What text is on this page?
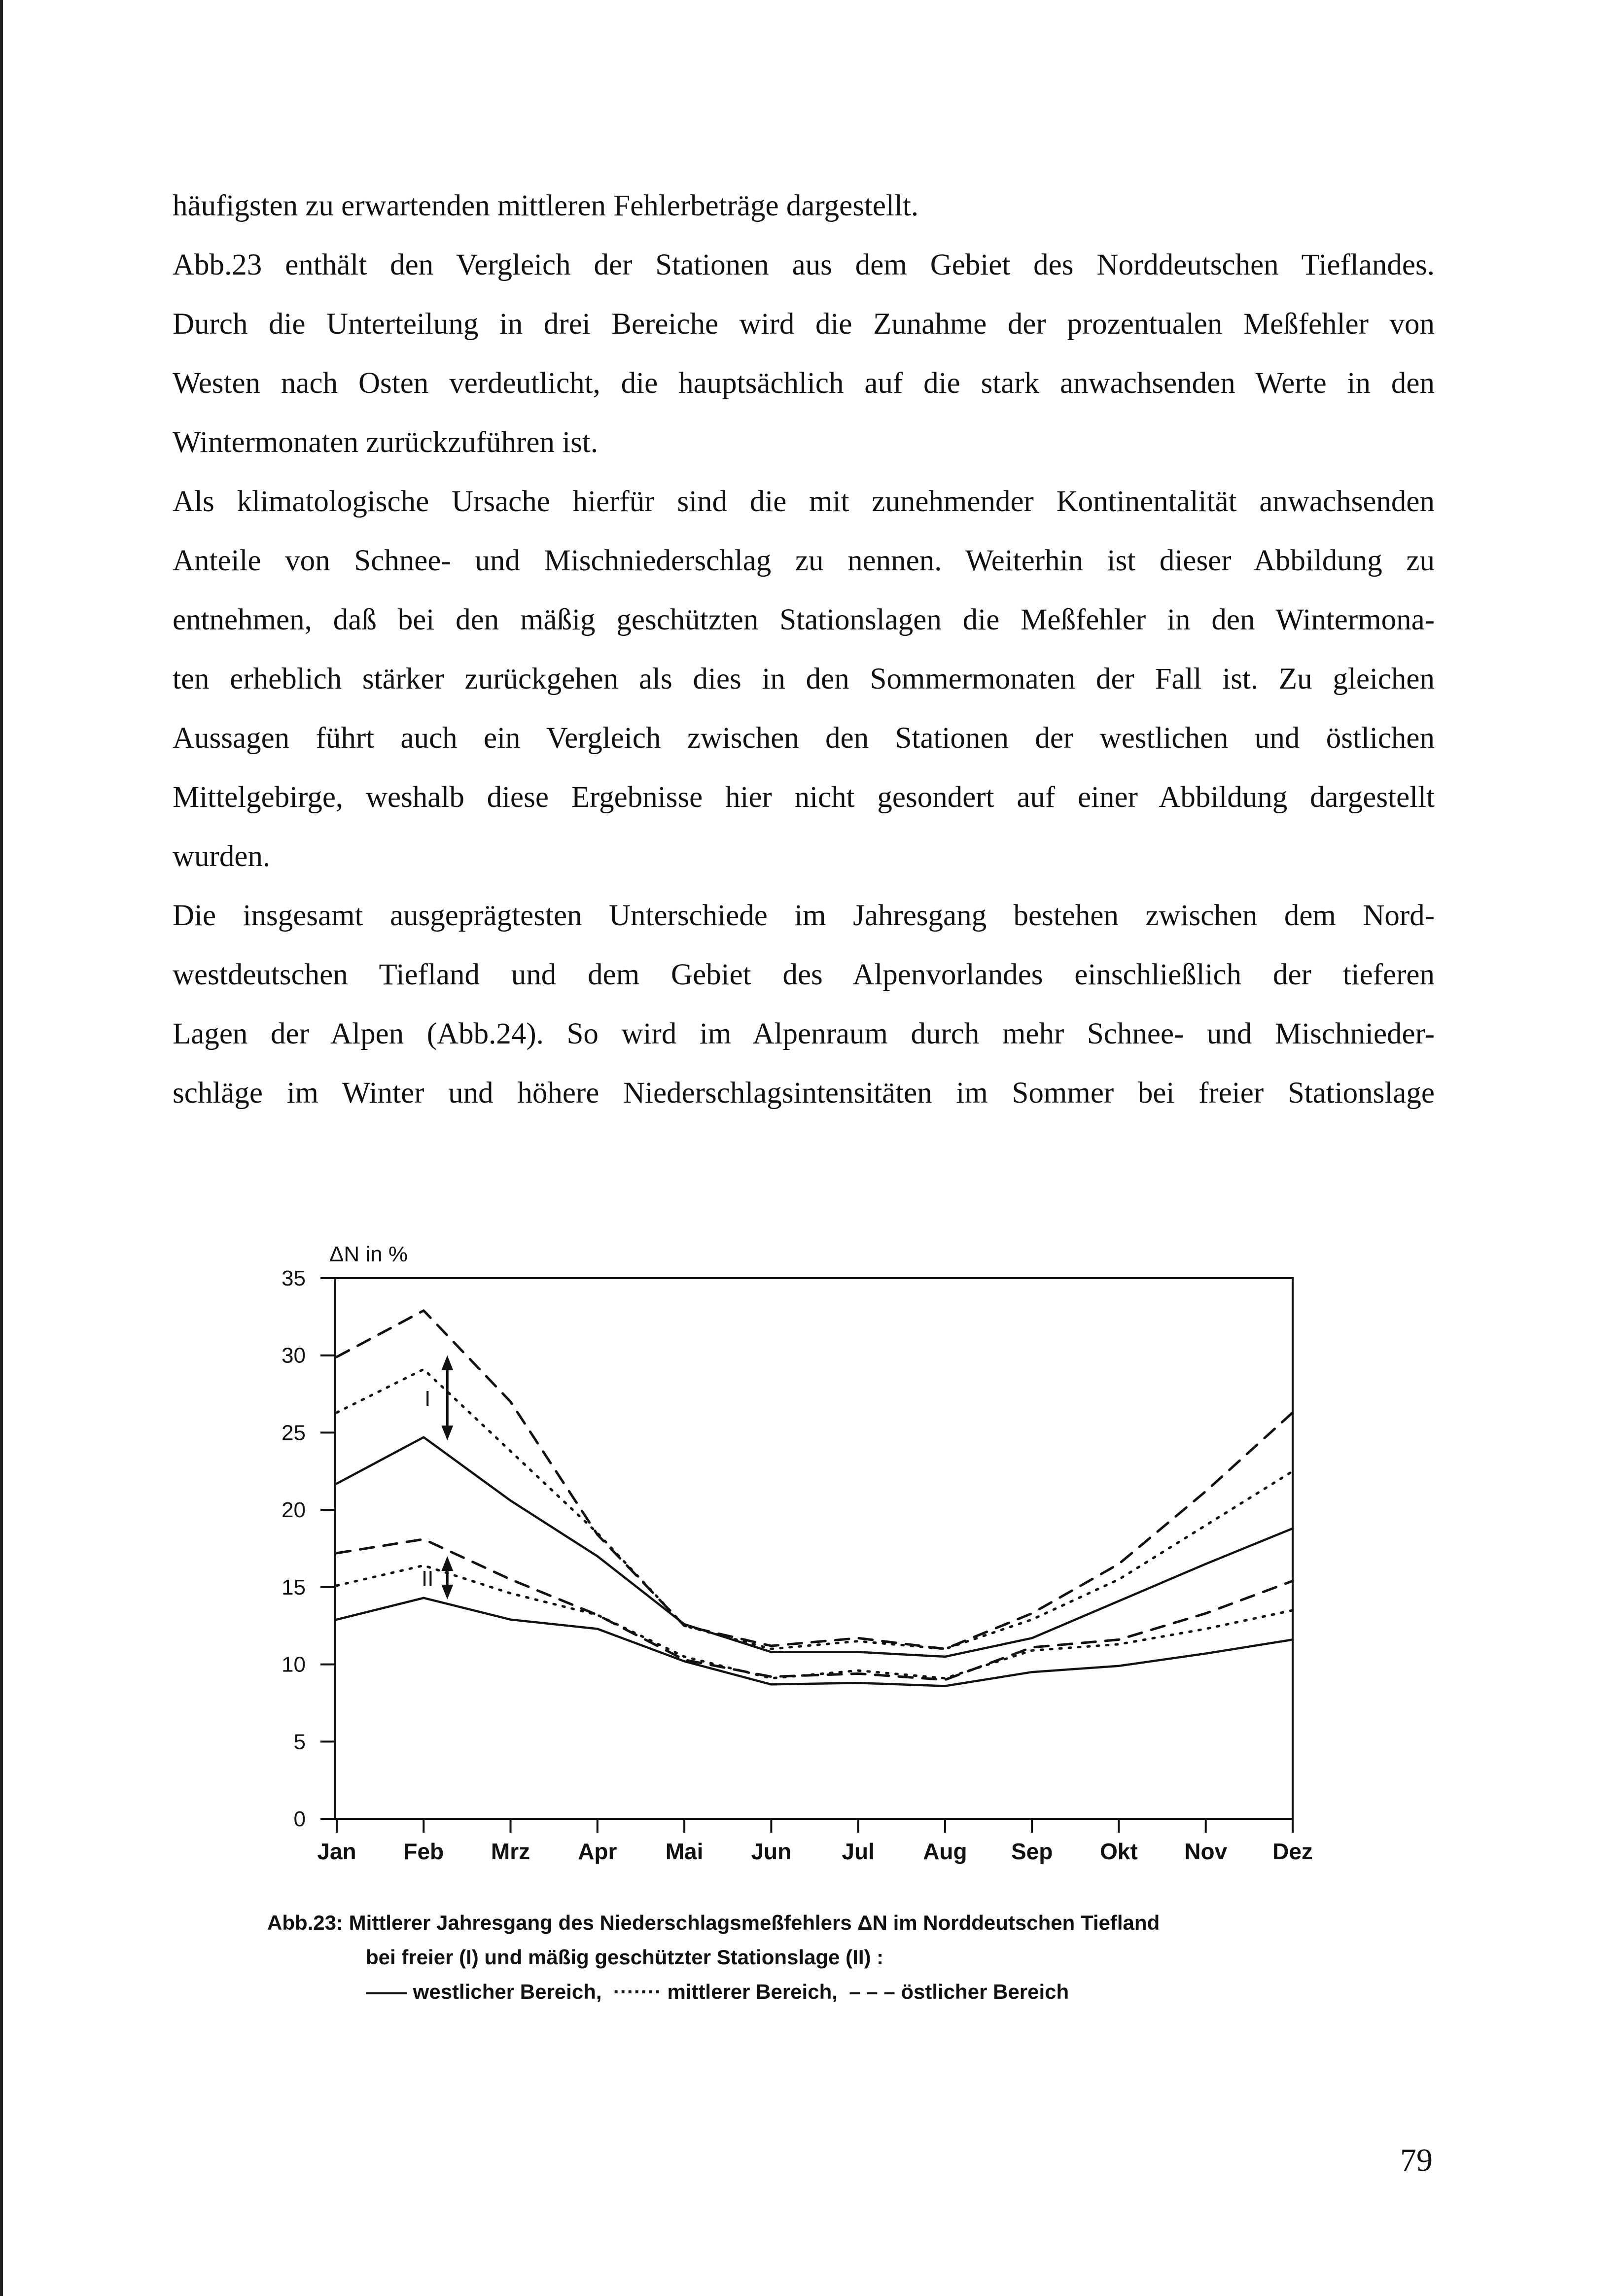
häufigsten zu erwartenden mittleren Fehlerbeträge dargestellt.

Abb.23 enthält den Vergleich der Stationen aus dem Gebiet des Norddeutschen Tieflandes.
Durch die Unterteilung in drei Bereiche wird die Zunahme der prozentualen Meßfehler von
Westen nach Osten verdeutlicht, die hauptsächlich auf die stark anwachsenden Werte in den
Wintermonaten zurückzuführen ist.

Als klimatologische Ursache hierfür sind die mit zunehmender Kontinentalität anwachsenden
Anteile von Schnee- und Mischniederschlag zu nennen. Weiterhin ist dieser Abbildung zu
entnehmen, daß bei den mäßig geschützten Stationslagen die Meßfehler in den Wintermona-
ten erheblich stärker zurückgehen als dies in den Sommermonaten der Fall ist. Zu gleichen
Aussagen führt auch ein Vergleich zwischen den Stationen der westlichen und östlichen
Mittelgebirge, weshalb diese Ergebnisse hier nicht gesondert auf einer Abbildung dargestellt
wurden.

Die insgesamt ausgeprägtesten Unterschiede im Jahresgang bestehen zwischen dem Nord-
westdeutschen Tiefland und dem Gebiet des Alpenvorlandes einschließlich der tieferen
Lagen der Alpen (Abb.24). So wird im Alpenraum durch mehr Schnee- und Mischnieder-
schläge im Winter und höhere Niederschlagsintensitäten im Sommer bei freier Stationslage

0
5
10
15
20
25
30
35
ΔN in %
Jan Feb Mrz Apr Mai Jun Jul Aug Sep Okt Nov Dez
I
II
Abb.23: Mittlerer Jahresgang des Niederschlagsmeßfehlers ΔN im Norddeutschen Tiefland
bei freier (I) und mäßig geschützter Stationslage (II) :
—— westlicher Bereich,  ······· mittlerer Bereich,  – – – östlicher Bereich
79
